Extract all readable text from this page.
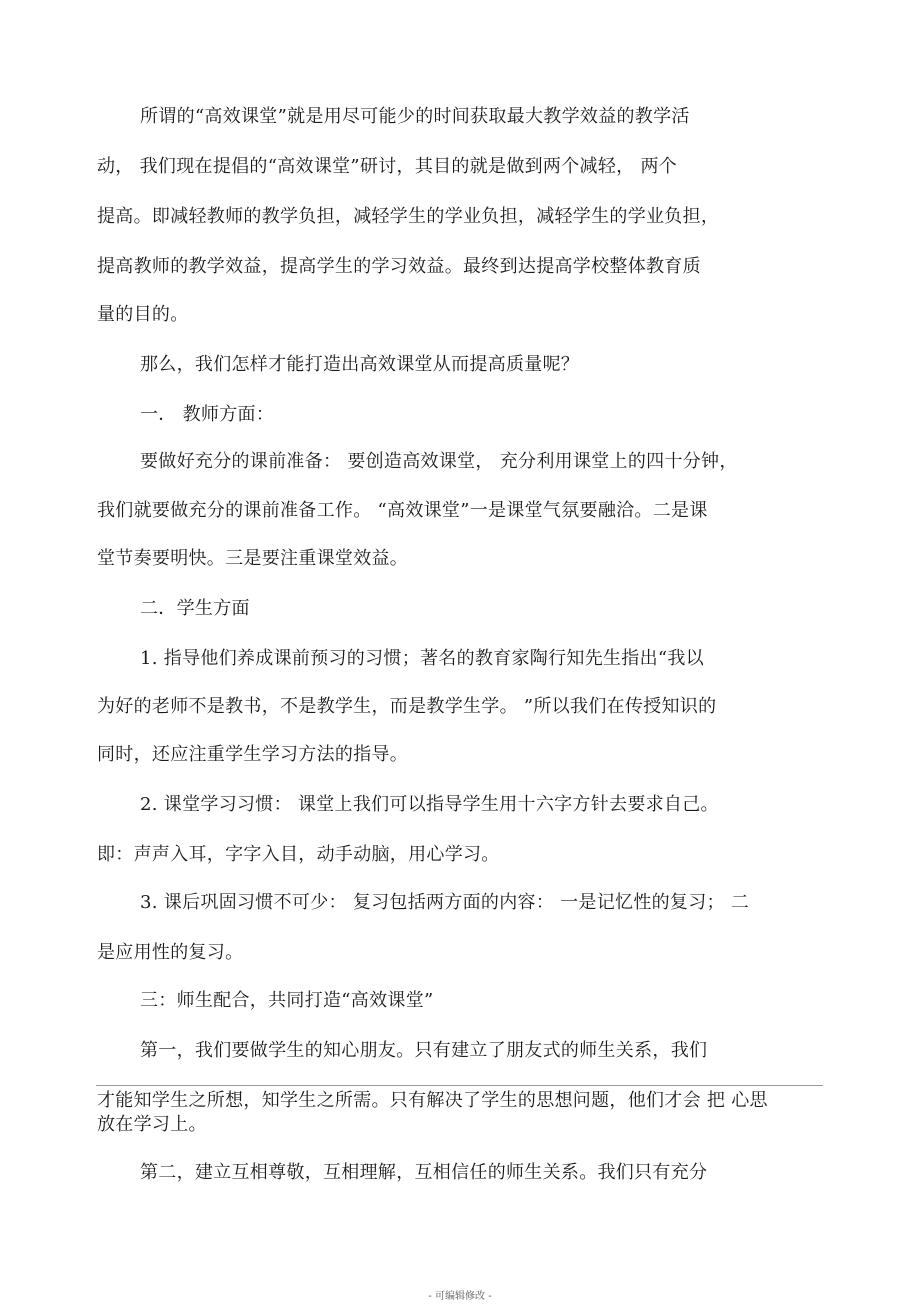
所谓的“高效课堂”就是用尽可能少的时间获取最大教学效益的教学活
动， 我们现在提倡的“高效课堂”研讨，其目的就是做到两个减轻， 两个
提高。即减轻教师的教学负担，减轻学生的学业负担，减轻学生的学业负担，
提高教师的教学效益，提高学生的学习效益。最终到达提高学校整体教育质
量的目的。
那么，我们怎样才能打造出高效课堂从而提高质量呢？
一． 教师方面：
要做好充分的课前准备： 要创造高效课堂， 充分利用课堂上的四十分钟，
我们就要做充分的课前准备工作。 “高效课堂”一是课堂气氛要融洽。二是课
堂节奏要明快。三是要注重课堂效益。
二．学生方面
1. 指导他们养成课前预习的习惯；著名的教育家陶行知先生指出“我以
为好的老师不是教书，不是教学生，而是教学生学。 ”所以我们在传授知识的
同时，还应注重学生学习方法的指导。
2. 课堂学习习惯： 课堂上我们可以指导学生用十六字方针去要求自己。
即：声声入耳，字字入目，动手动脑，用心学习。
3. 课后巩固习惯不可少： 复习包括两方面的内容： 一是记忆性的复习； 二
是应用性的复习。
三：师生配合，共同打造“高效课堂”
第一，我们要做学生的知心朋友。只有建立了朋友式的师生关系，我们
才能知学生之所想，知学生之所需。只有解决了学生的思想问题，他们才会 把 心思
放在学习上。
第二，建立互相尊敬，互相理解，互相信任的师生关系。我们只有充分
- 可编辑修改 -
